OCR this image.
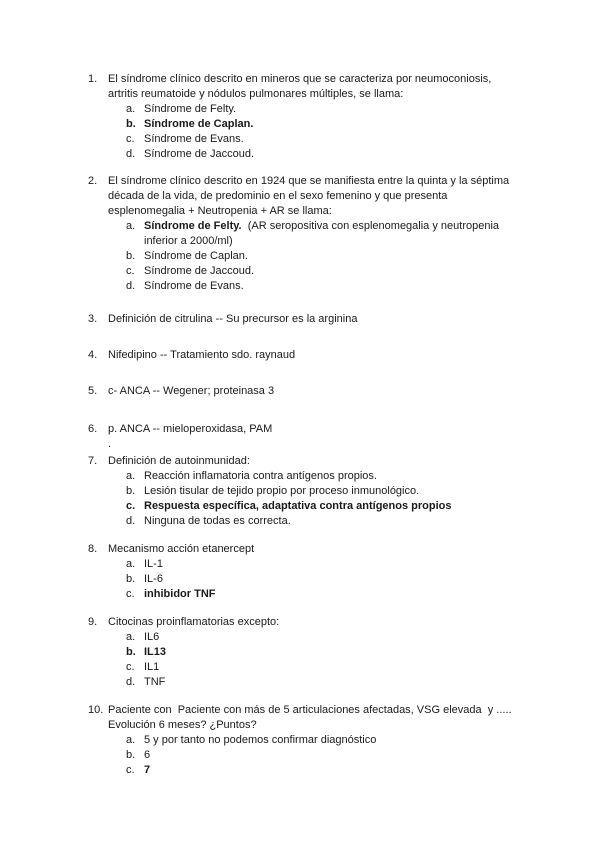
1. El síndrome clínico descrito en mineros que se caracteriza por neumoconiosis,
artritis reumatoide y nódulos pulmonares múltiples, se llama:
a. Síndrome de Felty.
b. Síndrome de Caplan.
c. Síndrome de Evans.
d. Síndrome de Jaccoud.
2. El síndrome clínico descrito en 1924 que se manifiesta entre la quinta y la séptima
década de la vida, de predominio en el sexo femenino y que presenta
esplenomegalia + Neutropenia + AR se llama:
a. Síndrome de Felty.  (AR seropositiva con esplenomegalia y neutropenia
inferior a 2000/ml)
b. Síndrome de Caplan.
c. Síndrome de Jaccoud.
d. Síndrome de Evans.
3. Definición de citrulina -- Su precursor es la arginina
4. Nifedipino -- Tratamiento sdo. raynaud
5. c- ANCA -- Wegener; proteinasa 3
6. p. ANCA -- mieloperoxidasa, PAM
.
7. Definición de autoinmunidad:
a. Reacción inflamatoria contra antígenos propios.
b. Lesión tisular de tejido propio por proceso inmunológico.
c. Respuesta específica, adaptativa contra antígenos propios
d. Ninguna de todas es correcta.
8. Mecanismo acción etanercept
a. IL-1
b. IL-6
c. inhibidor TNF
9. Citocinas proinflamatorias excepto:
a. IL6
b. IL13
c. IL1
d. TNF
10. Paciente con  Paciente con más de 5 articulaciones afectadas, VSG elevada  y .....
Evolución 6 meses? ¿Puntos?
a. 5 y por tanto no podemos confirmar diagnóstico
b. 6
c. 7
